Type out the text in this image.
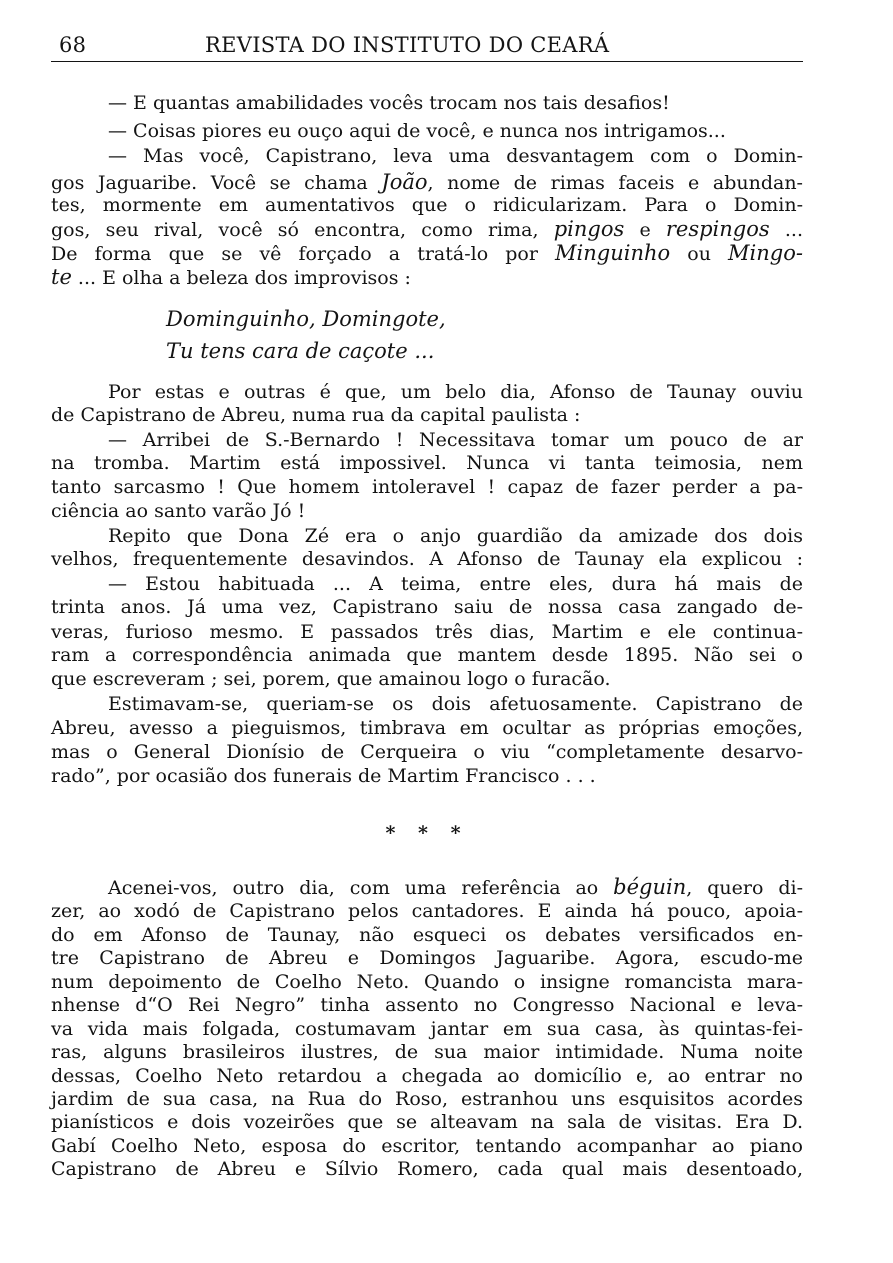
68	REVISTA DO INSTITUTO DO CEARÁ

— E quantas amabilidades vocês trocam nos tais desafios!
— Coisas piores eu ouço aqui de você, e nunca nos intrigamos...
— Mas você, Capistrano, leva uma desvantagem com o Domin-
gos Jaguaribe. Você se chama João, nome de rimas faceis e abundan-
tes, mormente em aumentativos que o ridicularizam. Para o Domin-
gos, seu rival, você só encontra, como rima, pingos e respingos ...
De forma que se vê forçado a tratá-lo por Minguinho ou Mingo-
te ... E olha a beleza dos improvisos :
Dominguinho, Domingote,
Tu tens cara de caçote ...
Por estas e outras é que, um belo dia, Afonso de Taunay ouviu
de Capistrano de Abreu, numa rua da capital paulista :
— Arribei de S.-Bernardo ! Necessitava tomar um pouco de ar
na tromba. Martim está impossivel. Nunca vi tanta teimosia, nem
tanto sarcasmo ! Que homem intoleravel ! capaz de fazer perder a pa-
ciência ao santo varão Jó !
Repito que Dona Zé era o anjo guardião da amizade dos dois
velhos, frequentemente desavindos. A Afonso de Taunay ela explicou :
— Estou habituada ... A teima, entre eles, dura há mais de
trinta anos. Já uma vez, Capistrano saiu de nossa casa zangado de-
veras, furioso mesmo. E passados três dias, Martim e ele continua-
ram a correspondência animada que mantem desde 1895. Não sei o
que escreveram ; sei, porem, que amainou logo o furacão.
Estimavam-se, queriam-se os dois afetuosamente. Capistrano de
Abreu, avesso a pieguismos, timbrava em ocultar as próprias emoções,
mas o General Dionísio de Cerqueira o viu “completamente desarvo-
rado”, por ocasião dos funerais de Martim Francisco . . .
* * *
Acenei-vos, outro dia, com uma referência ao béguin, quero di-
zer, ao xodó de Capistrano pelos cantadores. E ainda há pouco, apoia-
do em Afonso de Taunay, não esqueci os debates versificados en-
tre Capistrano de Abreu e Domingos Jaguaribe. Agora, escudo-me
num depoimento de Coelho Neto. Quando o insigne romancista mara-
nhense d“O Rei Negro” tinha assento no Congresso Nacional e leva-
va vida mais folgada, costumavam jantar em sua casa, às quintas-fei-
ras, alguns brasileiros ilustres, de sua maior intimidade. Numa noite
dessas, Coelho Neto retardou a chegada ao domicílio e, ao entrar no
jardim de sua casa, na Rua do Roso, estranhou uns esquisitos acordes
pianísticos e dois vozeirões que se alteavam na sala de visitas. Era D.
Gabí Coelho Neto, esposa do escritor, tentando acompanhar ao piano
Capistrano de Abreu e Sílvio Romero, cada qual mais desentoado,
